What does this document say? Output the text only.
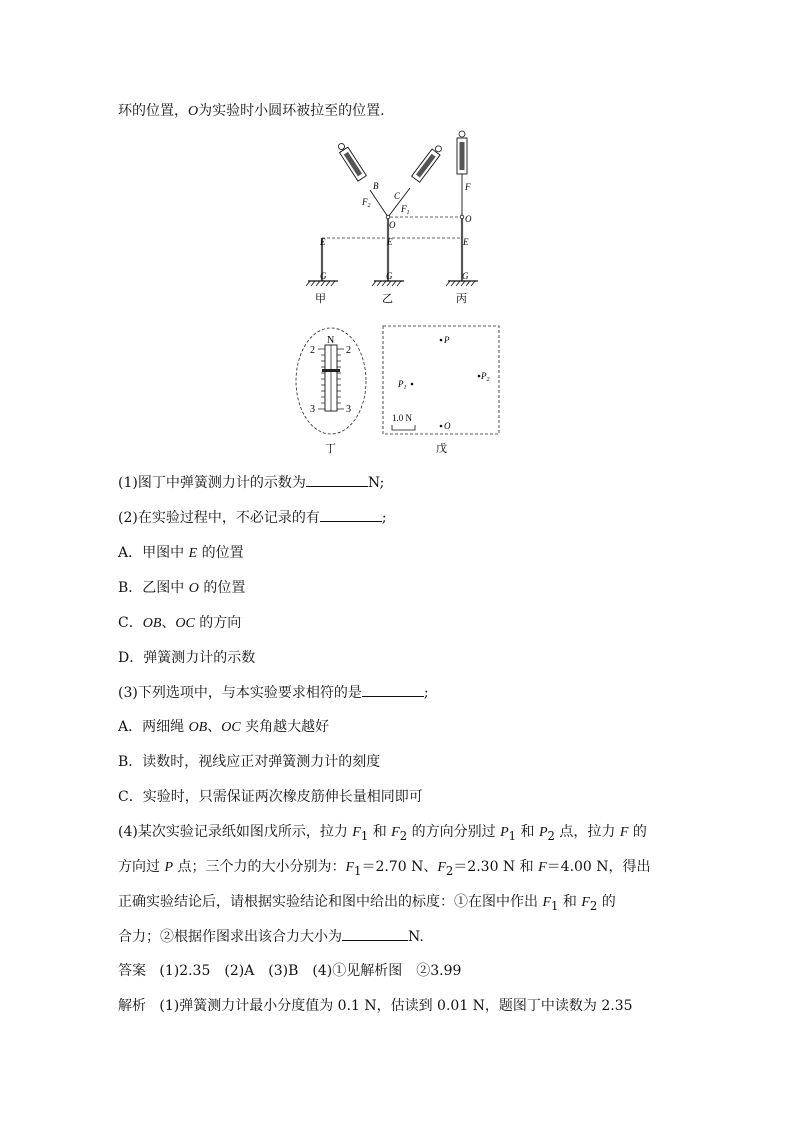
环的位置，O为实验时小圆环被拉至的位置.
E
G
B
C
$F_2$	$F_1$
O
E
G
F
O
E
G
甲	乙	丙
N
2	2
3	3
丁
P
$P_1$
$P_2$
O
1.0 N
戊
(1)图丁中弹簧测力计的示数为	N;
(2)在实验过程中，不必记录的有	;
A．甲图中 E 的位置
B．乙图中 O 的位置
C．OB、OC 的方向
D．弹簧测力计的示数
(3)下列选项中，与本实验要求相符的是	;
A．两细绳 OB、OC 夹角越大越好
B．读数时，视线应正对弹簧测力计的刻度
C．实验时，只需保证两次橡皮筋伸长量相同即可
(4)某次实验记录纸如图戊所示，拉力 $F_1$ 和 $F_2$ 的方向分别过 $P_1$ 和 $P_2$ 点，拉力 F 的
方向过 P 点；三个力的大小分别为：$F_1=2.70$ N、$F_2=2.30$ N 和 F＝4.00 N，得出
正确实验结论后，请根据实验结论和图中给出的标度：①在图中作出 $F_1$ 和 $F_2$ 的
合力；②根据作图求出该合力大小为	N.
答案 (1)2.35　(2)A　(3)B　(4)①见解析图　②3.99
解析 (1)弹簧测力计最小分度值为 0.1 N，估读到 0.01 N，题图丁中读数为 2.35
